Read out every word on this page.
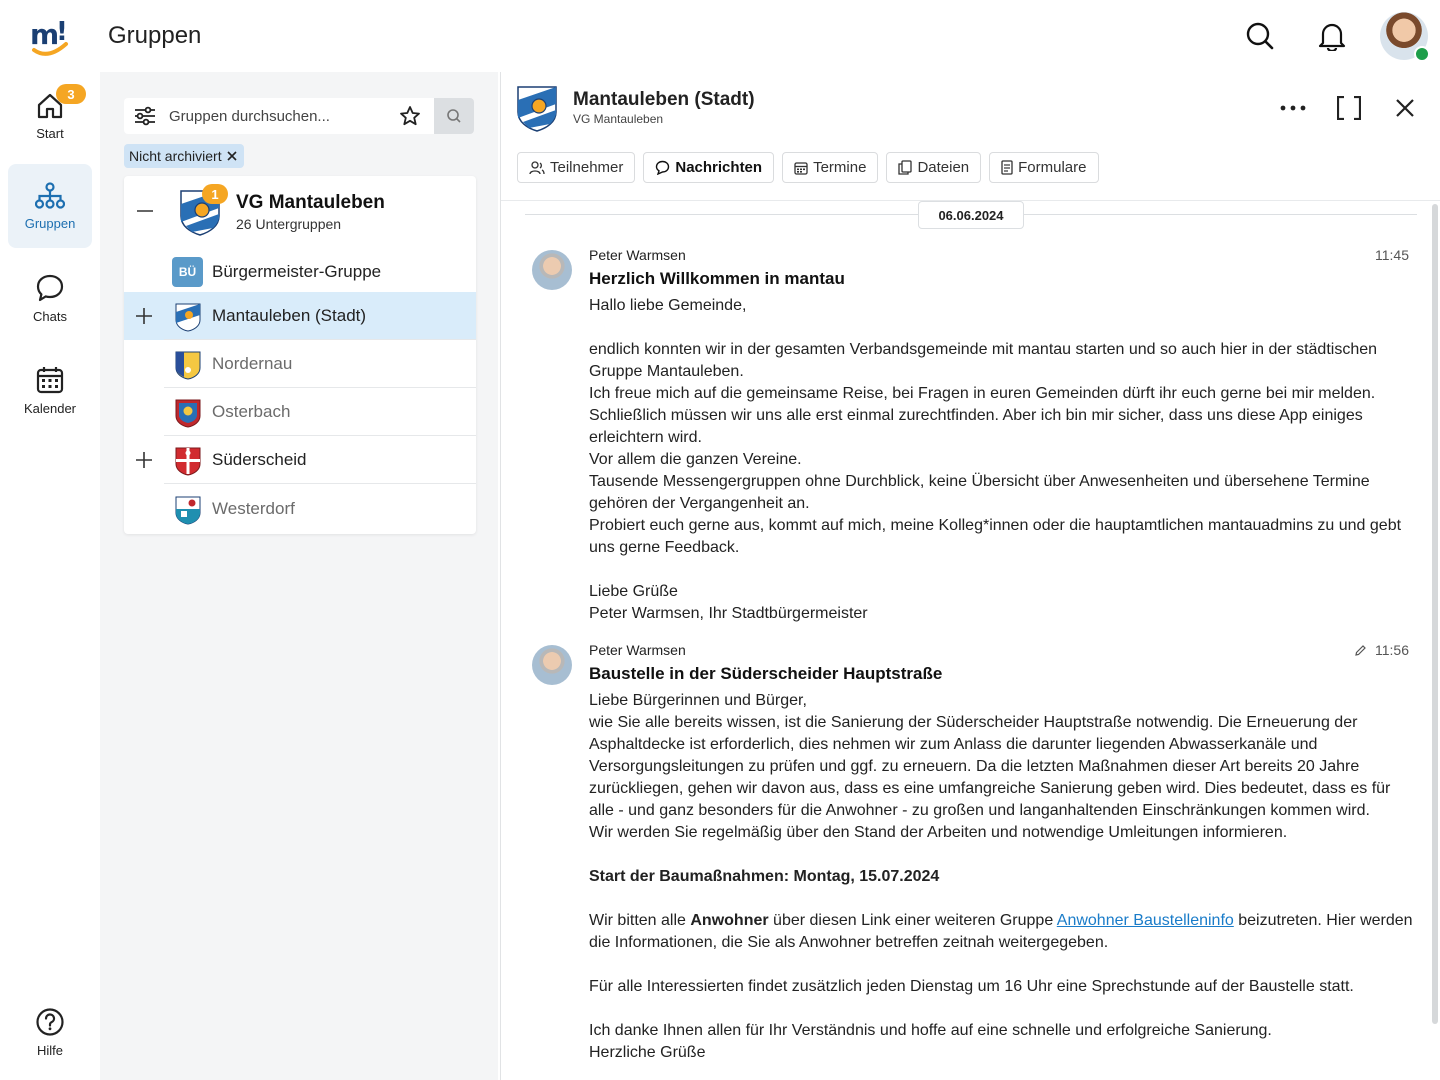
m
! Gruppen
Start
3
Gruppen
Chats
Kalender
Hilfe
Gruppen durchsuchen...
Nicht archiviert
1 VG Mantauleben
26 Untergruppen
BÜ Bürgermeister-Gruppe
Mantauleben (Stadt)
Nordernau
Osterbach
Süderscheid
Westerdorf
Mantauleben (Stadt)
VG Mantauleben
Teilnehmer	Nachrichten	Termine	Dateien	Formulare
06.06.2024
Peter Warmsen	11:45
Herzlich Willkommen in mantau

Hallo liebe Gemeinde,

endlich konnten wir in der gesamten Verbandsgemeinde mit mantau starten und so auch hier in der städtischen Gruppe Mantauleben.

Ich freue mich auf die gemeinsame Reise, bei Fragen in euren Gemeinden dürft ihr euch gerne bei mir melden. Schließlich müssen wir uns alle erst einmal zurechtfinden. Aber ich bin mir sicher, dass uns diese App einiges erleichtern wird.

Vor allem die ganzen Vereine.

Tausende Messengergruppen ohne Durchblick, keine Übersicht über Anwesenheiten und übersehene Termine gehören der Vergangenheit an.

Probiert euch gerne aus, kommt auf mich, meine Kolleg*innen oder die hauptamtlichen mantauadmins zu und gebt uns gerne Feedback.

Liebe Grüße

Peter Warmsen, Ihr Stadtbürgermeister

Peter Warmsen	11:56
Baustelle in der Süderscheider Hauptstraße

Liebe Bürgerinnen und Bürger,

wie Sie alle bereits wissen, ist die Sanierung der Süderscheider Hauptstraße notwendig. Die Erneuerung der Asphaltdecke ist erforderlich, dies nehmen wir zum Anlass die darunter liegenden Abwasserkanäle und Versorgungsleitungen zu prüfen und ggf. zu erneuern. Da die letzten Maßnahmen dieser Art bereits 20 Jahre zurückliegen, gehen wir davon aus, dass es eine umfangreiche Sanierung geben wird. Dies bedeutet, dass es für alle - und ganz besonders für die Anwohner - zu großen und langanhaltenden Einschränkungen kommen wird.

Wir werden Sie regelmäßig über den Stand der Arbeiten und notwendige Umleitungen informieren.

Start der Baumaßnahmen: Montag, 15.07.2024

Wir bitten alle Anwohner über diesen Link einer weiteren Gruppe Anwohner Baustelleninfo beizutreten. Hier werden die Informationen, die Sie als Anwohner betreffen zeitnah weitergegeben.

Für alle Interessierten findet zusätzlich jeden Dienstag um 16 Uhr eine Sprechstunde auf der Baustelle statt.

Ich danke Ihnen allen für Ihr Verständnis und hoffe auf eine schnelle und erfolgreiche Sanierung.

Herzliche Grüße
